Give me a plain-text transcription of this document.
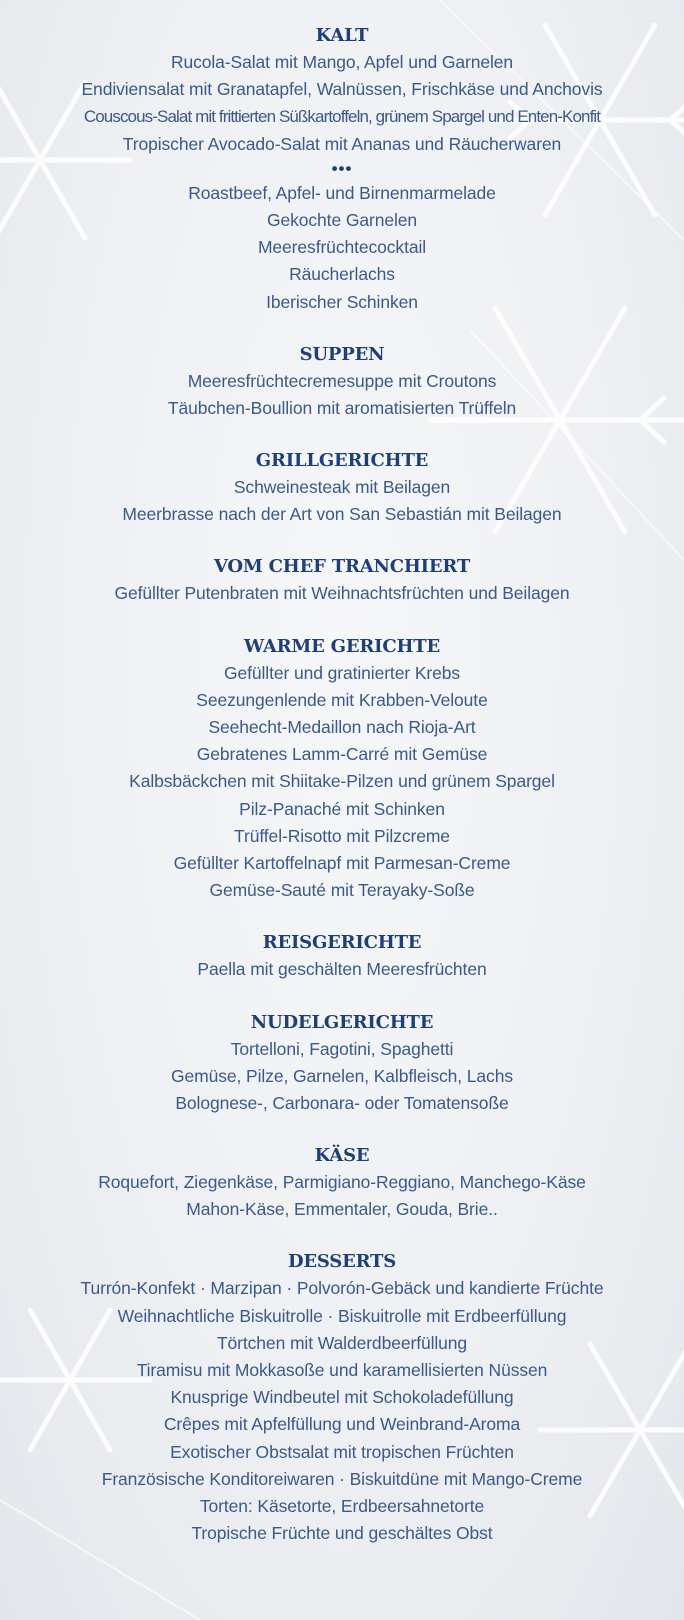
KALT
Rucola-Salat mit Mango, Apfel und Garnelen
Endiviensalat mit Granatapfel, Walnüssen, Frischkäse und Anchovis
Couscous-Salat mit frittierten Süßkartoffeln, grünem Spargel und Enten-Konfit
Tropischer Avocado-Salat mit Ananas und Räucherwaren
•••
Roastbeef, Apfel- und Birnenmarmelade
Gekochte Garnelen
Meeresfrüchtecocktail
Räucherlachs
Iberischer Schinken
SUPPEN
Meeresfrüchtecremesuppe mit Croutons
Täubchen-Boullion mit aromatisierten Trüffeln
GRILLGERICHTE
Schweinesteak mit Beilagen
Meerbrasse nach der Art von San Sebastián mit Beilagen
VOM CHEF TRANCHIERT
Gefüllter Putenbraten mit Weihnachtsfrüchten und Beilagen
WARME GERICHTE
Gefüllter und gratinierter Krebs
Seezungenlende mit Krabben-Veloute
Seehecht-Medaillon nach Rioja-Art
Gebratenes Lamm-Carré mit Gemüse
Kalbsbäckchen mit Shiitake-Pilzen und grünem Spargel
Pilz-Panaché mit Schinken
Trüffel-Risotto mit Pilzcreme
Gefüllter Kartoffelnapf mit Parmesan-Creme
Gemüse-Sauté mit Terayaky-Soße
REISGERICHTE
Paella mit geschälten Meeresfrüchten
NUDELGERICHTE
Tortelloni, Fagotini, Spaghetti
Gemüse, Pilze, Garnelen, Kalbfleisch, Lachs
Bolognese-, Carbonara- oder Tomatensoße
KÄSE
Roquefort, Ziegenkäse, Parmigiano-Reggiano, Manchego-Käse
Mahon-Käse, Emmentaler, Gouda, Brie..
DESSERTS
Turrón-Konfekt · Marzipan · Polvorón-Gebäck und kandierte Früchte
Weihnachtliche Biskuitrolle · Biskuitrolle mit Erdbeerfüllung
Törtchen mit Walderdbeerfüllung
Tiramisu mit Mokkasoße und karamellisierten Nüssen
Knusprige Windbeutel mit Schokoladefüllung
Crêpes mit Apfelfüllung und Weinbrand-Aroma
Exotischer Obstsalat mit tropischen Früchten
Französische Konditoreiwaren · Biskuitdüne mit Mango-Creme
Torten: Käsetorte, Erdbeersahnetorte
Tropische Früchte und geschältes Obst
